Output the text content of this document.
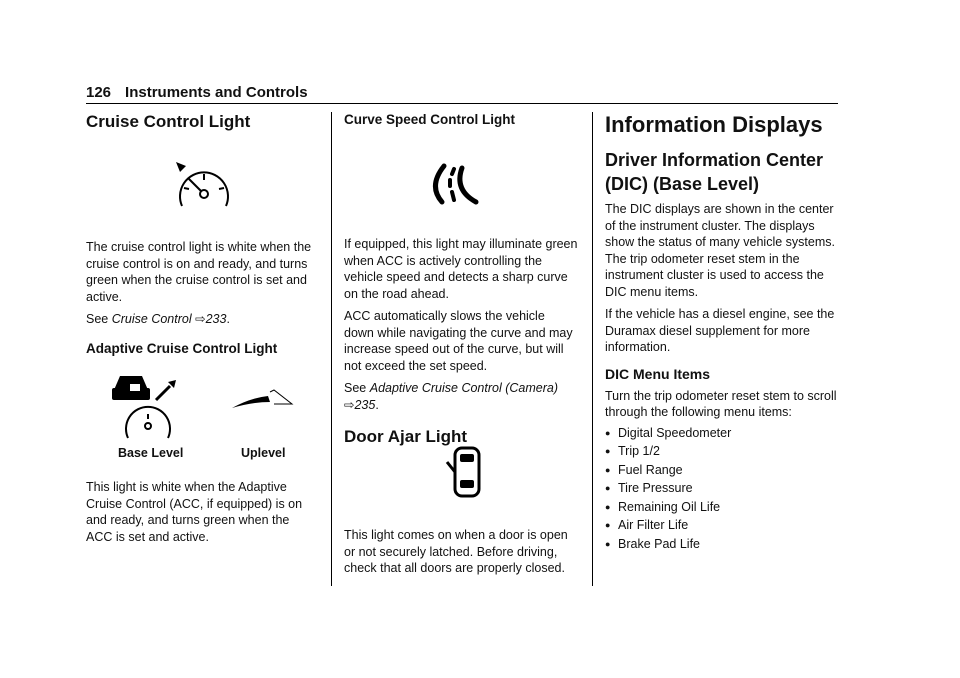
126 Instruments and Controls
Cruise Control Light

The cruise control light is white when the cruise control is on and ready, and turns green when the cruise control is set and active.

See Cruise Control ⇨233.

Adaptive Cruise Control Light
Base Level	Uplevel

This light is white when the Adaptive Cruise Control (ACC, if equipped) is on and ready, and turns green when the ACC is set and active.

Curve Speed Control Light

If equipped, this light may illuminate green when ACC is actively controlling the vehicle speed and detects a sharp curve on the road ahead.

ACC automatically slows the vehicle down while navigating the curve and may increase speed out of the curve, but will not exceed the set speed.

See Adaptive Cruise Control (Camera) ⇨235.

Door Ajar Light

This light comes on when a door is open or not securely latched. Before driving, check that all doors are properly closed.

Information Displays
Driver Information Center (DIC) (Base Level)

The DIC displays are shown in the center of the instrument cluster. The displays show the status of many vehicle systems. The trip odometer reset stem in the instrument cluster is used to access the DIC menu items.

If the vehicle has a diesel engine, see the Duramax diesel supplement for more information.

DIC Menu Items

Turn the trip odometer reset stem to scroll through the following menu items:

● Digital Speedometer
● Trip 1/2
● Fuel Range
● Tire Pressure
● Remaining Oil Life
● Air Filter Life
● Brake Pad Life
